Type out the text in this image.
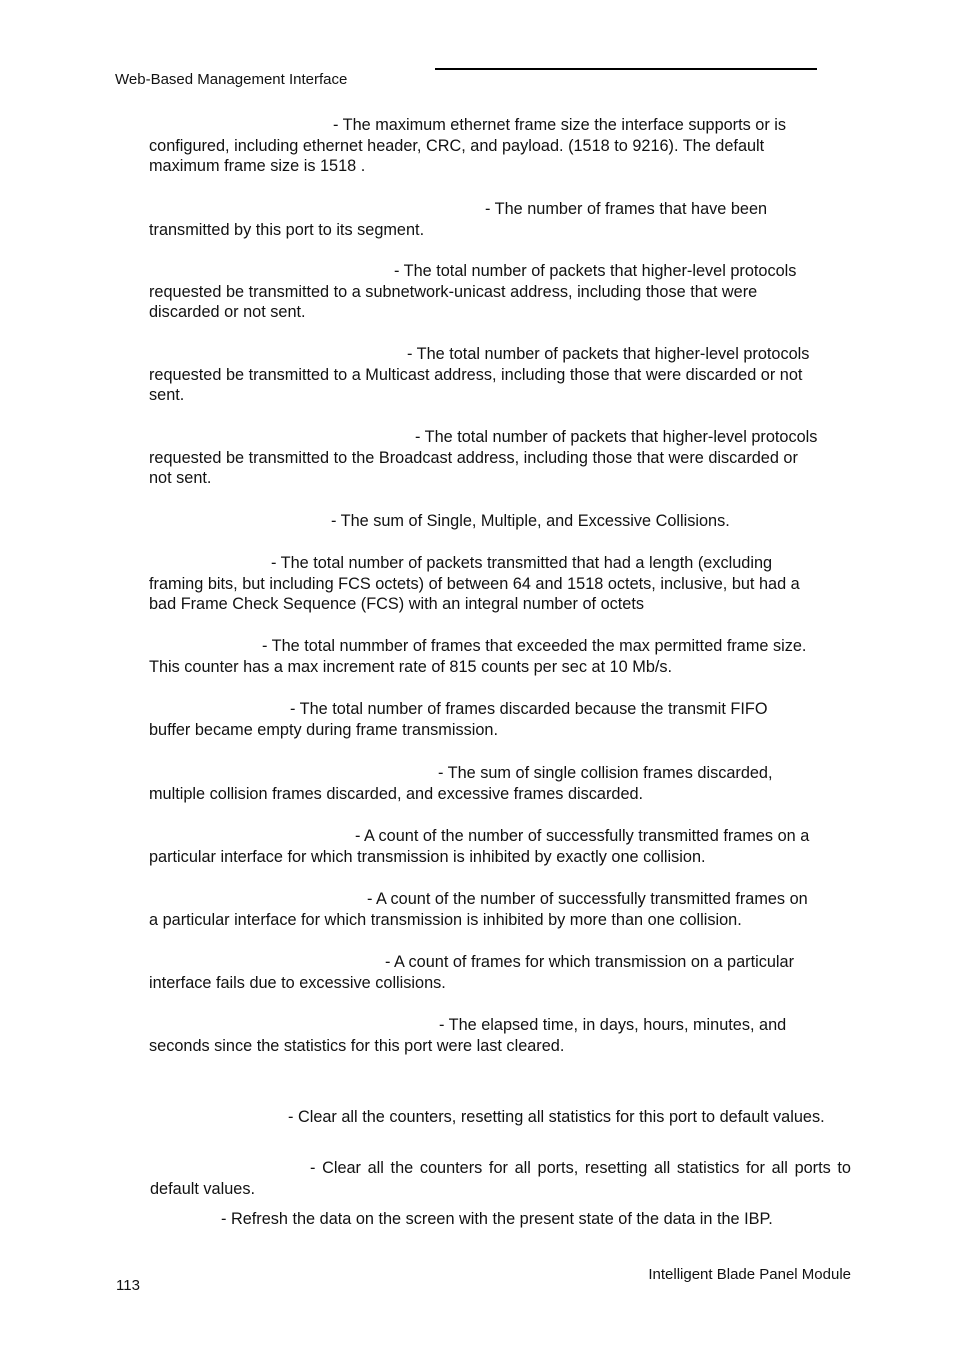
Web-Based Management Interface

- The maximum ethernet frame size the interface supports or is
configured, including ethernet header, CRC, and payload. (1518 to 9216). The default
maximum frame size is 1518 .

- The number of frames that have been
transmitted by this port to its segment.

- The total number of packets that higher-level protocols
requested be transmitted to a subnetwork-unicast address, including those that were
discarded or not sent.

- The total number of packets that higher-level protocols
requested be transmitted to a Multicast address, including those that were discarded or not
sent.

- The total number of packets that higher-level protocols
requested be transmitted to the Broadcast address, including those that were discarded or
not sent.

- The sum of Single, Multiple, and Excessive Collisions.

- The total number of packets transmitted that had a length (excluding
framing bits, but including FCS octets) of between 64 and 1518 octets, inclusive, but had a
bad Frame Check Sequence (FCS) with an integral number of octets

- The total nummber of frames that exceeded the max permitted frame size.
This counter has a max increment rate of 815 counts per sec at 10 Mb/s.

- The total number of frames discarded because the transmit FIFO
buffer became empty during frame transmission.

- The sum of single collision frames discarded,
multiple collision frames discarded, and excessive frames discarded.

- A count of the number of successfully transmitted frames on a
particular interface for which transmission is inhibited by exactly one collision.

- A count of the number of successfully transmitted frames on
a particular interface for which transmission is inhibited by more than one collision.

- A count of frames for which transmission on a particular
interface fails due to excessive collisions.

- The elapsed time, in days, hours, minutes, and
seconds since the statistics for this port were last cleared.

- Clear all the counters, resetting all statistics for this port to default values.

- Clear all the counters for all ports, resetting all statistics for all ports to default values.

- Refresh the data on the screen with the present state of the data in the IBP.

113
Intelligent Blade Panel Module
